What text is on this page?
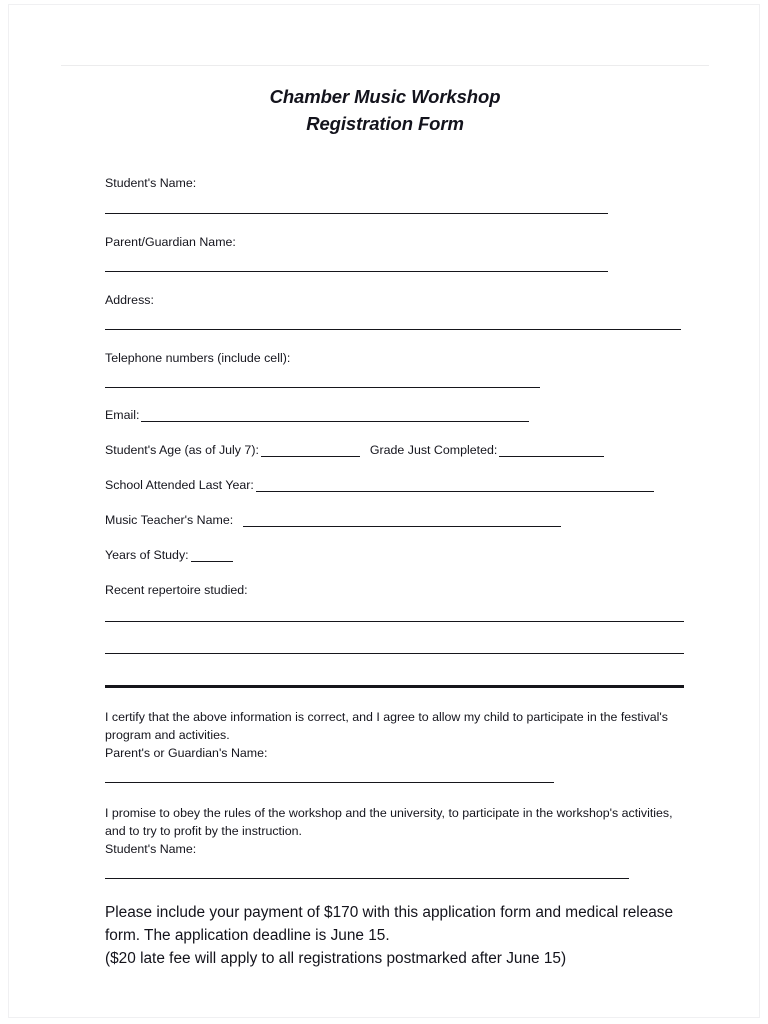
Chamber Music Workshop
Registration Form
Student's Name:
Parent/Guardian Name:
Address:
Telephone numbers (include cell):
Email:
Student's Age (as of July 7):	Grade Just Completed:
School Attended Last Year:
Music Teacher's Name:
Years of Study:
Recent repertoire studied:

I certify that the above information is correct, and I agree to allow my child to participate in the festival's program and activities.

Parent's or Guardian's Name:

I promise to obey the rules of the workshop and the university, to participate in the workshop's activities, and to try to profit by the instruction.

Student's Name:

Please include your payment of $170 with this application form and medical release form. The application deadline is June 15.

($20 late fee will apply to all registrations postmarked after June 15)
